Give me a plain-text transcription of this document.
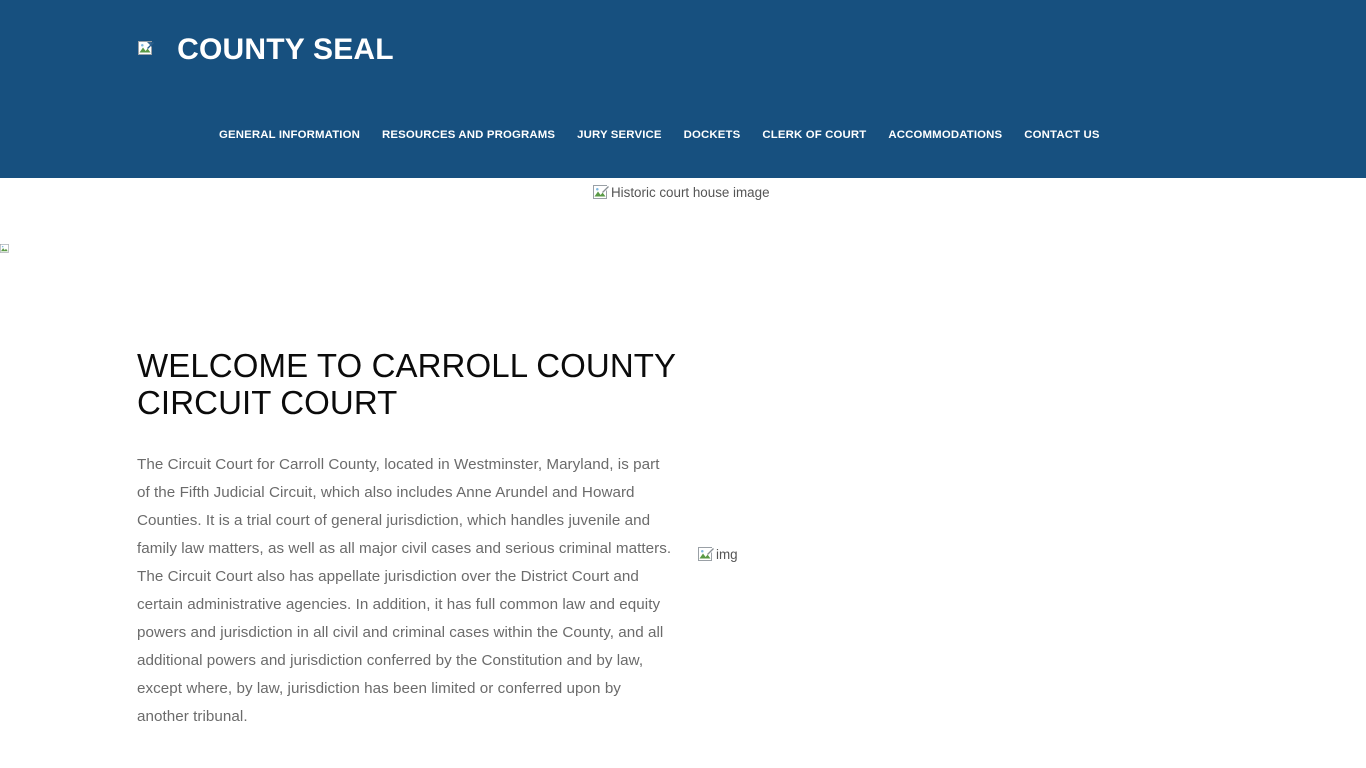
COUNTY SEAL
GENERAL INFORMATION RESOURCES AND PROGRAMS JURY SERVICE DOCKETS CLERK OF COURT ACCOMMODATIONS CONTACT US
Historic court house image
WELCOME TO CARROLL COUNTY CIRCUIT COURT

The Circuit Court for Carroll County, located in Westminster, Maryland, is part of the Fifth Judicial Circuit, which also includes Anne Arundel and Howard Counties. It is a trial court of general jurisdiction, which handles juvenile and family law matters, as well as all major civil cases and serious criminal matters. The Circuit Court also has appellate jurisdiction over the District Court and certain administrative agencies. In addition, it has full common law and equity powers and jurisdiction in all civil and criminal cases within the County, and all additional powers and jurisdiction conferred by the Constitution and by law, except where, by law, jurisdiction has been limited or conferred upon by another tribunal.

img
